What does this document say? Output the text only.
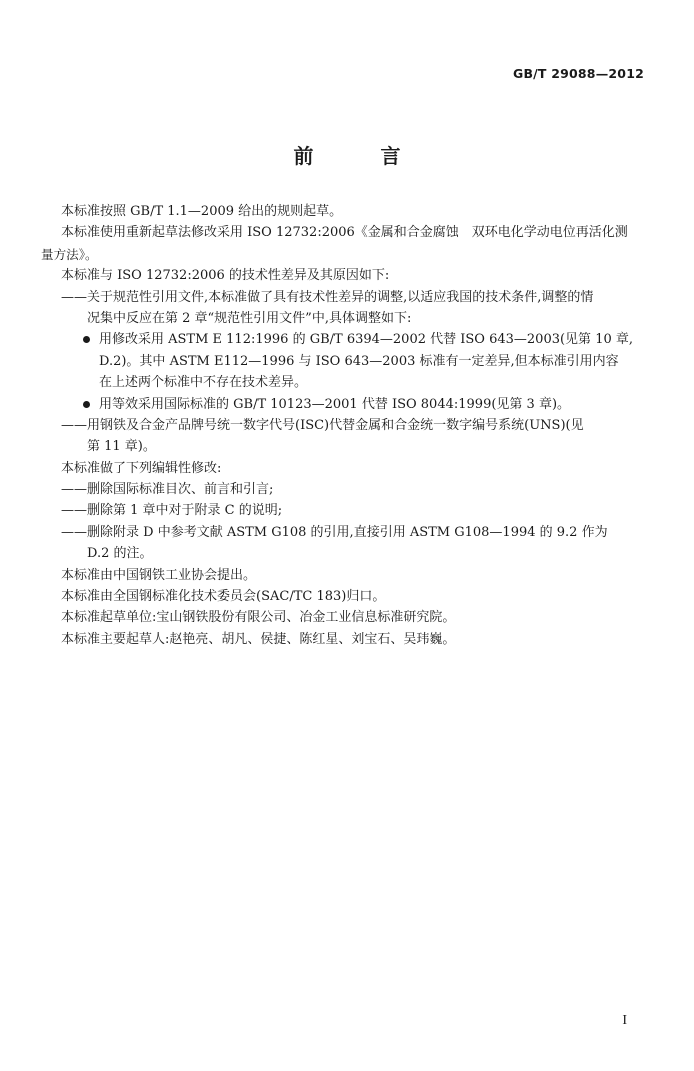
GB/T 29088—2012
前 言
本标准按照 GB/T 1.1—2009 给出的规则起草。
本标准使用重新起草法修改采用 ISO 12732:2006《金属和合金腐蚀　双环电化学动电位再活化测
量方法》。
本标准与 ISO 12732:2006 的技术性差异及其原因如下:
——关于规范性引用文件,本标准做了具有技术性差异的调整,以适应我国的技术条件,调整的情
况集中反应在第 2 章“规范性引用文件”中,具体调整如下:
用修改采用 ASTM E 112:1996 的 GB/T 6394—2002 代替 ISO 643—2003(见第 10 章,
D.2)。其中 ASTM E112—1996 与 ISO 643—2003 标准有一定差异,但本标准引用内容
在上述两个标准中不存在技术差异。
用等效采用国际标准的 GB/T 10123—2001 代替 ISO 8044:1999(见第 3 章)。
——用钢铁及合金产品牌号统一数字代号(ISC)代替金属和合金统一数字编号系统(UNS)(见
第 11 章)。
本标准做了下列编辑性修改:
——删除国际标准目次、前言和引言;
——删除第 1 章中对于附录 C 的说明;
——删除附录 D 中参考文献 ASTM G108 的引用,直接引用 ASTM G108—1994 的 9.2 作为
D.2 的注。
本标准由中国钢铁工业协会提出。
本标准由全国钢标准化技术委员会(SAC/TC 183)归口。
本标准起草单位:宝山钢铁股份有限公司、冶金工业信息标准研究院。
本标准主要起草人:赵艳亮、胡凡、侯捷、陈红星、刘宝石、吴玮巍。
I
